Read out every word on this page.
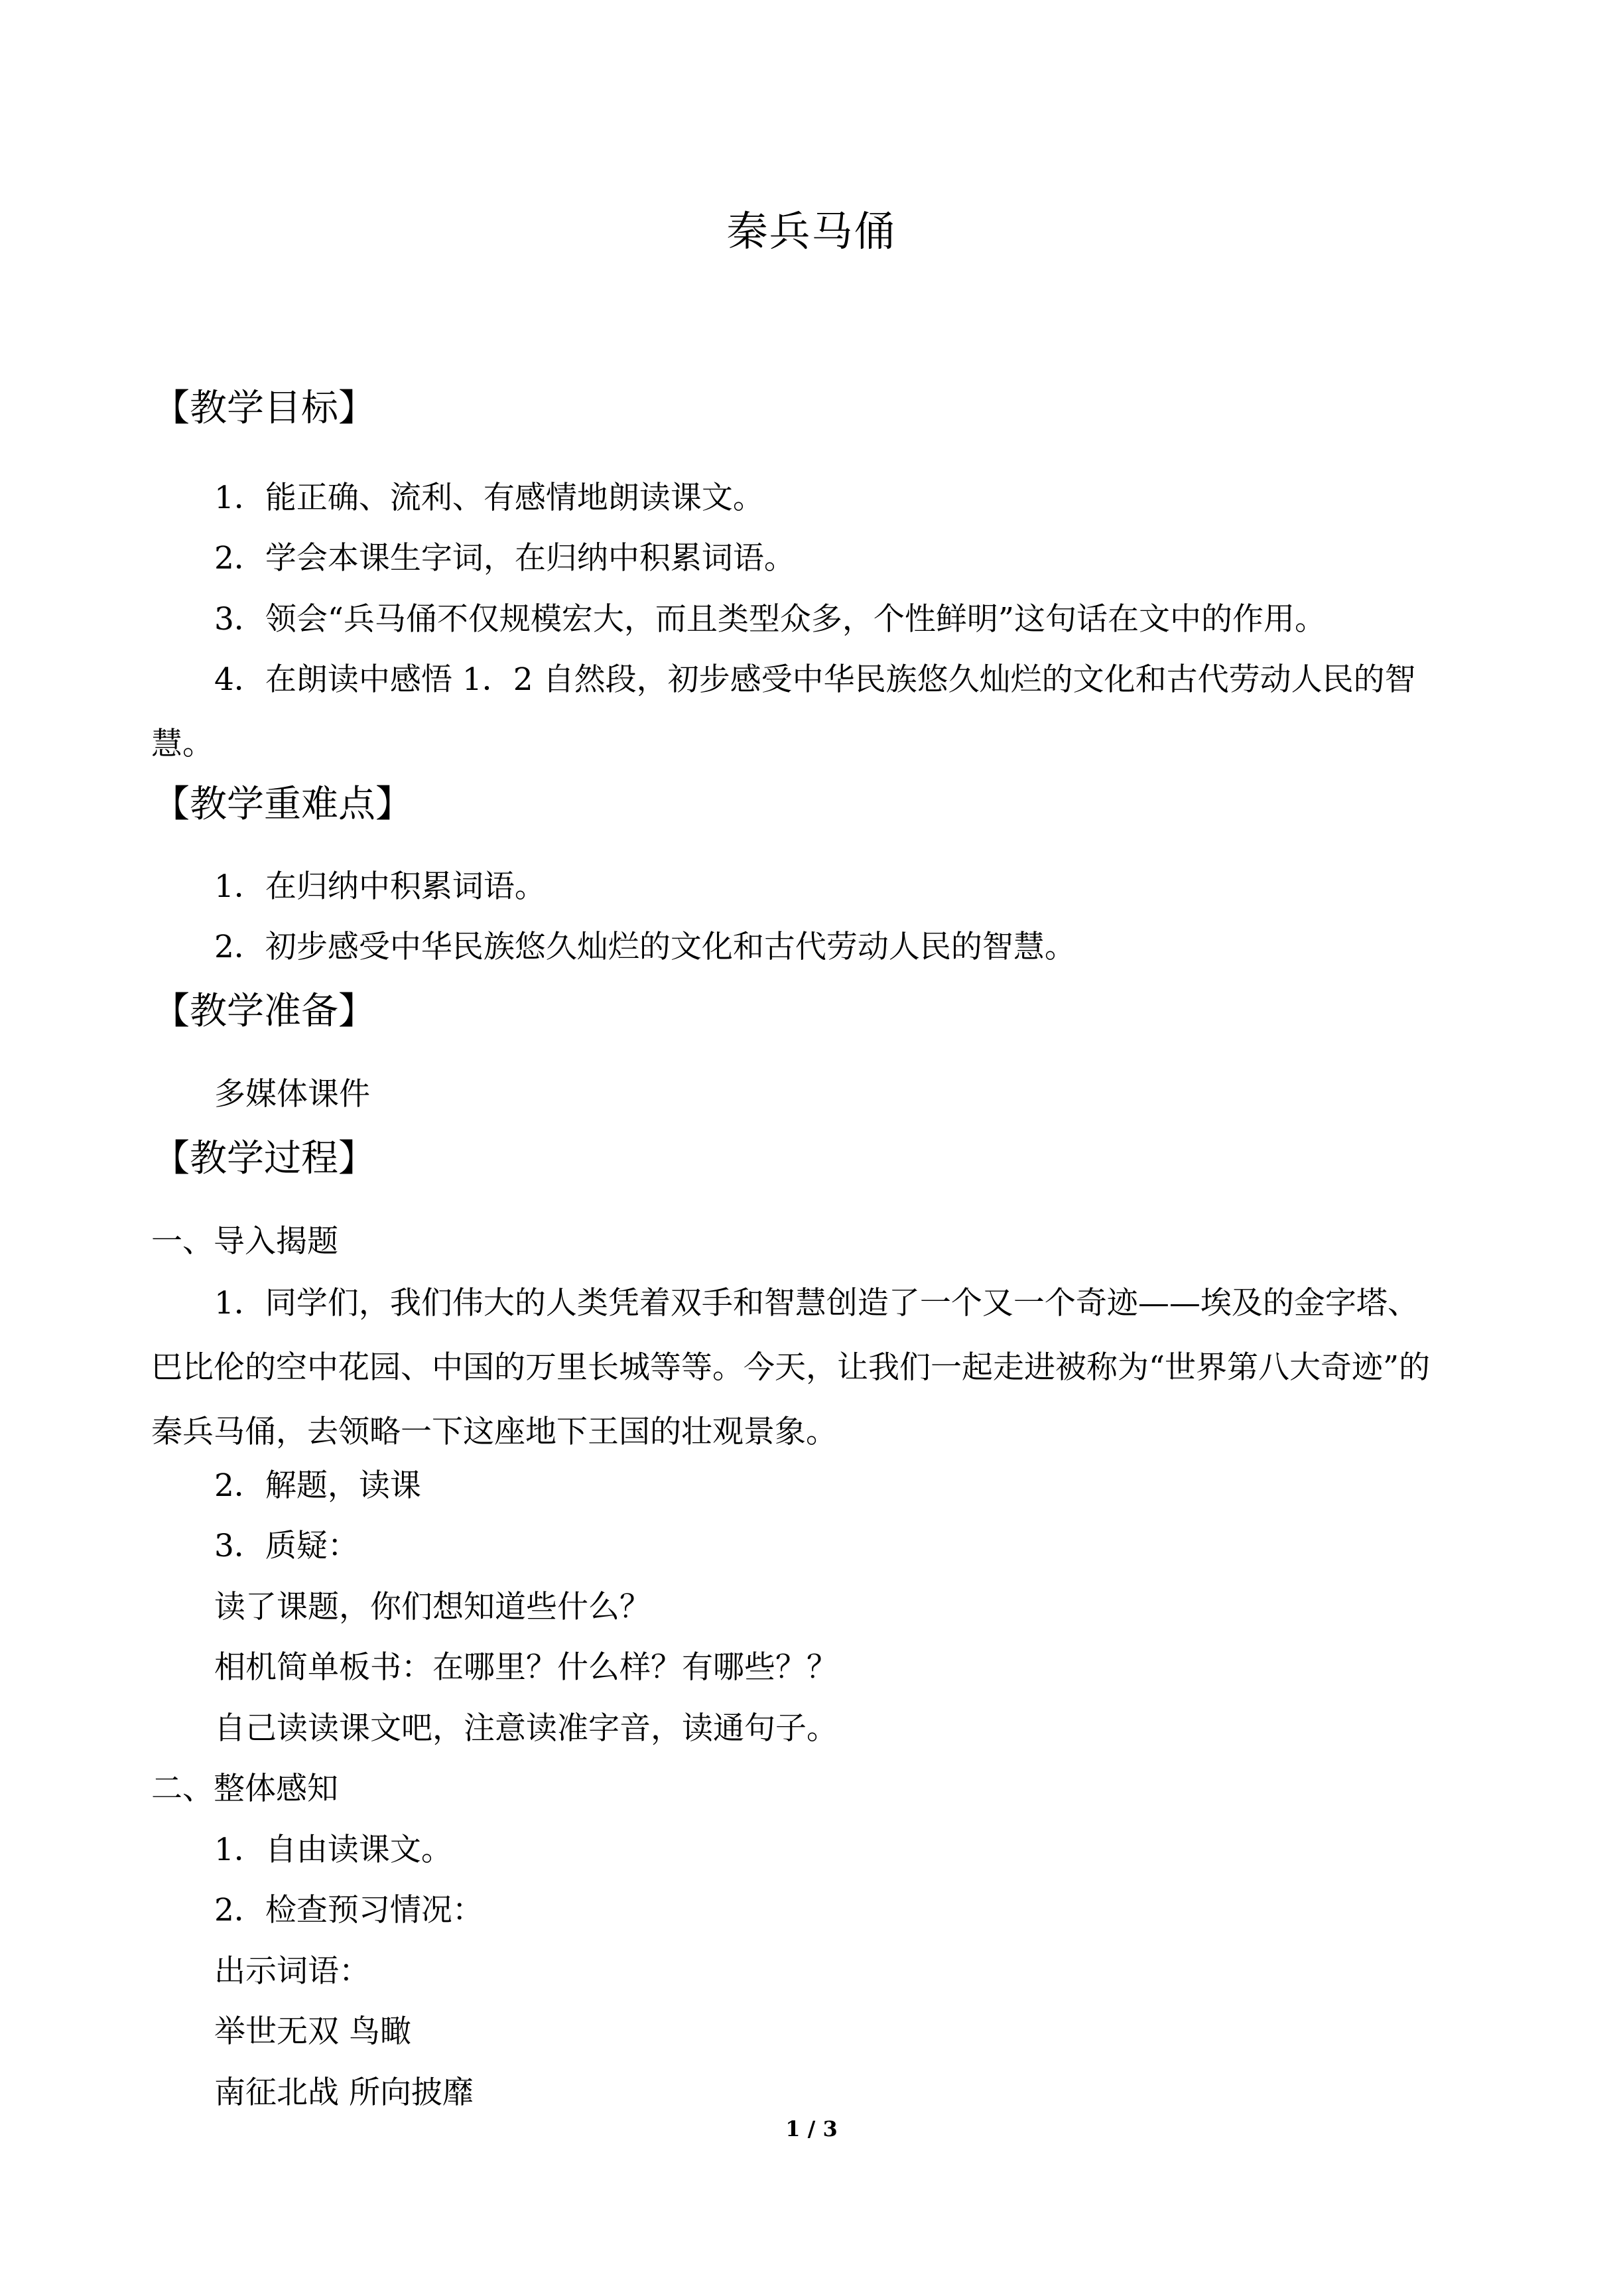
秦兵马俑
【教学目标】
1．能正确、流利、有感情地朗读课文。
2．学会本课生字词，在归纳中积累词语。
3．领会“兵马俑不仅规模宏大，而且类型众多，个性鲜明”这句话在文中的作用。
4．在朗读中感悟 1．2 自然段，初步感受中华民族悠久灿烂的文化和古代劳动人民的智慧。
【教学重难点】
1．在归纳中积累词语。
2．初步感受中华民族悠久灿烂的文化和古代劳动人民的智慧。
【教学准备】
多媒体课件
【教学过程】
一、导入揭题
1．同学们，我们伟大的人类凭着双手和智慧创造了一个又一个奇迹——埃及的金字塔、巴比伦的空中花园、中国的万里长城等等。今天，让我们一起走进被称为“世界第八大奇迹”的秦兵马俑，去领略一下这座地下王国的壮观景象。
2．解题，读课
3．质疑：
读了课题，你们想知道些什么？
相机简单板书：在哪里？什么样？有哪些？？
自己读读课文吧，注意读准字音，读通句子。
二、整体感知
1．自由读课文。
2．检查预习情况：
出示词语：
举世无双 鸟瞰
南征北战 所向披靡
1 / 3
